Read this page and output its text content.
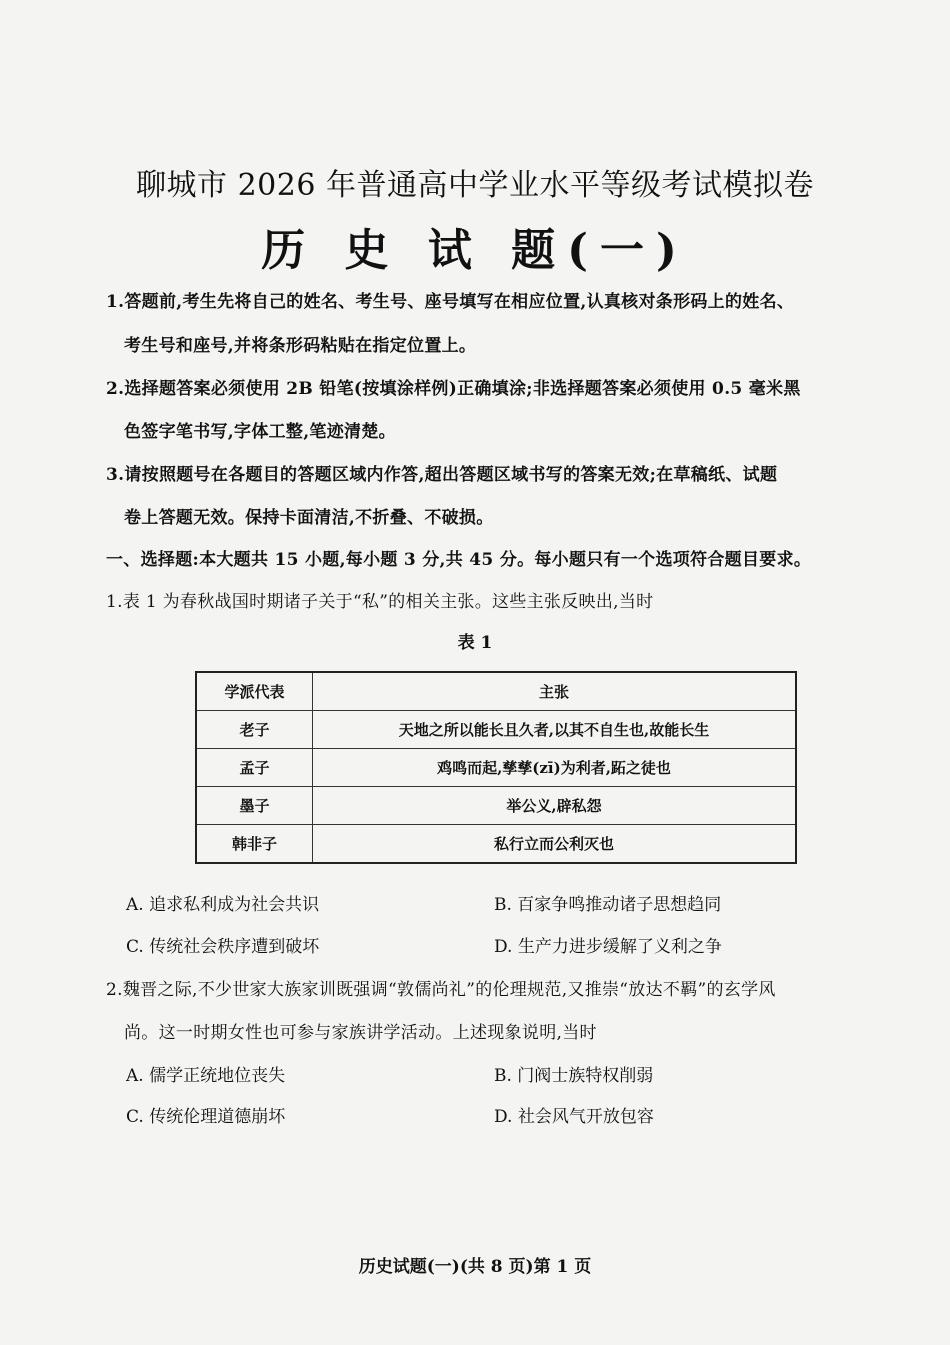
聊城市 2026 年普通高中学业水平等级考试模拟卷
历 史 试 题(一)
1.答题前,考生先将自己的姓名、考生号、座号填写在相应位置,认真核对条形码上的姓名、
考生号和座号,并将条形码粘贴在指定位置上。
2.选择题答案必须使用 2B 铅笔(按填涂样例)正确填涂;非选择题答案必须使用 0.5 毫米黑
色签字笔书写,字体工整,笔迹清楚。
3.请按照题号在各题目的答题区域内作答,超出答题区域书写的答案无效;在草稿纸、试题
卷上答题无效。保持卡面清洁,不折叠、不破损。
一、选择题:本大题共 15 小题,每小题 3 分,共 45 分。每小题只有一个选项符合题目要求。
1.表 1 为春秋战国时期诸子关于“私”的相关主张。这些主张反映出,当时
表 1
学派代表	主张
老子	天地之所以能长且久者,以其不自生也,故能长生
孟子	鸡鸣而起,孳孳(zī)为利者,跖之徒也
墨子	举公义,辟私怨
韩非子	私行立而公利灭也
A. 追求私利成为社会共识	B. 百家争鸣推动诸子思想趋同
C. 传统社会秩序遭到破坏	D. 生产力进步缓解了义利之争
2.魏晋之际,不少世家大族家训既强调“敦儒尚礼”的伦理规范,又推崇“放达不羁”的玄学风
尚。这一时期女性也可参与家族讲学活动。上述现象说明,当时
A. 儒学正统地位丧失	B. 门阀士族特权削弱
C. 传统伦理道德崩坏	D. 社会风气开放包容
历史试题(一)(共 8 页)第 1 页
